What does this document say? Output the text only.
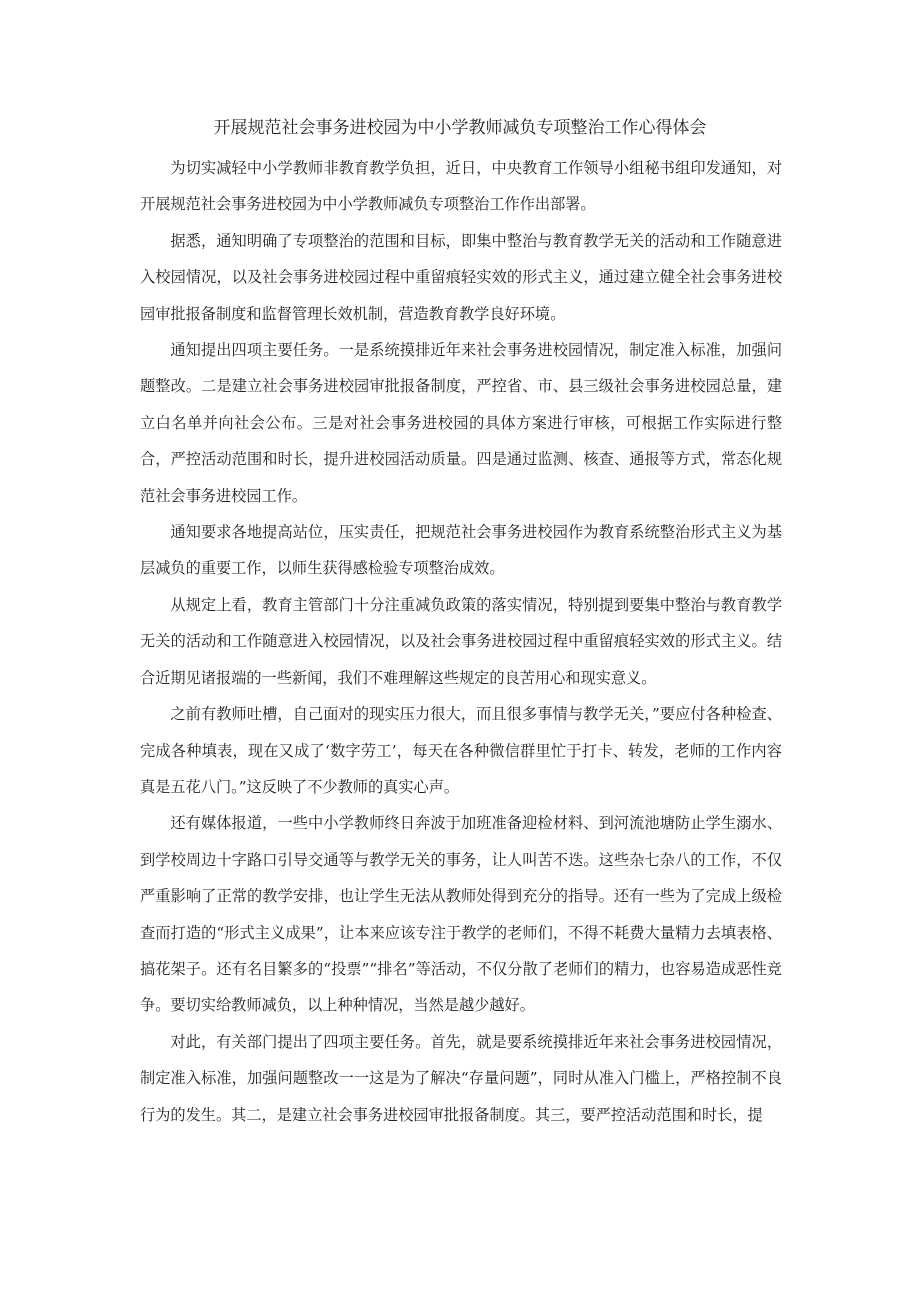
开展规范社会事务进校园为中小学教师减负专项整治工作心得体会

为切实减轻中小学教师非教育教学负担，近日，中央教育工作领导小组秘书组印发通知，对开展规范社会事务进校园为中小学教师减负专项整治工作作出部署。

据悉，通知明确了专项整治的范围和目标，即集中整治与教育教学无关的活动和工作随意进入校园情况，以及社会事务进校园过程中重留痕轻实效的形式主义，通过建立健全社会事务进校园审批报备制度和监督管理长效机制，营造教育教学良好环境。

通知提出四项主要任务。一是系统摸排近年来社会事务进校园情况，制定准入标准，加强问题整改。二是建立社会事务进校园审批报备制度，严控省、市、县三级社会事务进校园总量，建立白名单并向社会公布。三是对社会事务进校园的具体方案进行审核，可根据工作实际进行整合，严控活动范围和时长，提升进校园活动质量。四是通过监测、核查、通报等方式，常态化规范社会事务进校园工作。

通知要求各地提高站位，压实责任，把规范社会事务进校园作为教育系统整治形式主义为基层减负的重要工作，以师生获得感检验专项整治成效。

从规定上看，教育主管部门十分注重减负政策的落实情况，特别提到要集中整治与教育教学无关的活动和工作随意进入校园情况，以及社会事务进校园过程中重留痕轻实效的形式主义。结合近期见诸报端的一些新闻，我们不难理解这些规定的良苦用心和现实意义。

之前有教师吐槽，自己面对的现实压力很大，而且很多事情与教学无关，”要应付各种检查、完成各种填表，现在又成了‘数字劳工’，每天在各种微信群里忙于打卡、转发，老师的工作内容真是五花八门。”这反映了不少教师的真实心声。

还有媒体报道，一些中小学教师终日奔波于加班准备迎检材料、到河流池塘防止学生溺水、到学校周边十字路口引导交通等与教学无关的事务，让人叫苦不迭。这些杂七杂八的工作，不仅严重影响了正常的教学安排，也让学生无法从教师处得到充分的指导。还有一些为了完成上级检查而打造的“形式主义成果”，让本来应该专注于教学的老师们，不得不耗费大量精力去填表格、搞花架子。还有名目繁多的“投票”“排名”等活动，不仅分散了老师们的精力，也容易造成恶性竞争。要切实给教师减负，以上种种情况，当然是越少越好。

对此，有关部门提出了四项主要任务。首先，就是要系统摸排近年来社会事务进校园情况，制定准入标准，加强问题整改一一这是为了解决“存量问题”，同时从准入门槛上，严格控制不良行为的发生。其二，是建立社会事务进校园审批报备制度。其三，要严控活动范围和时长，提
